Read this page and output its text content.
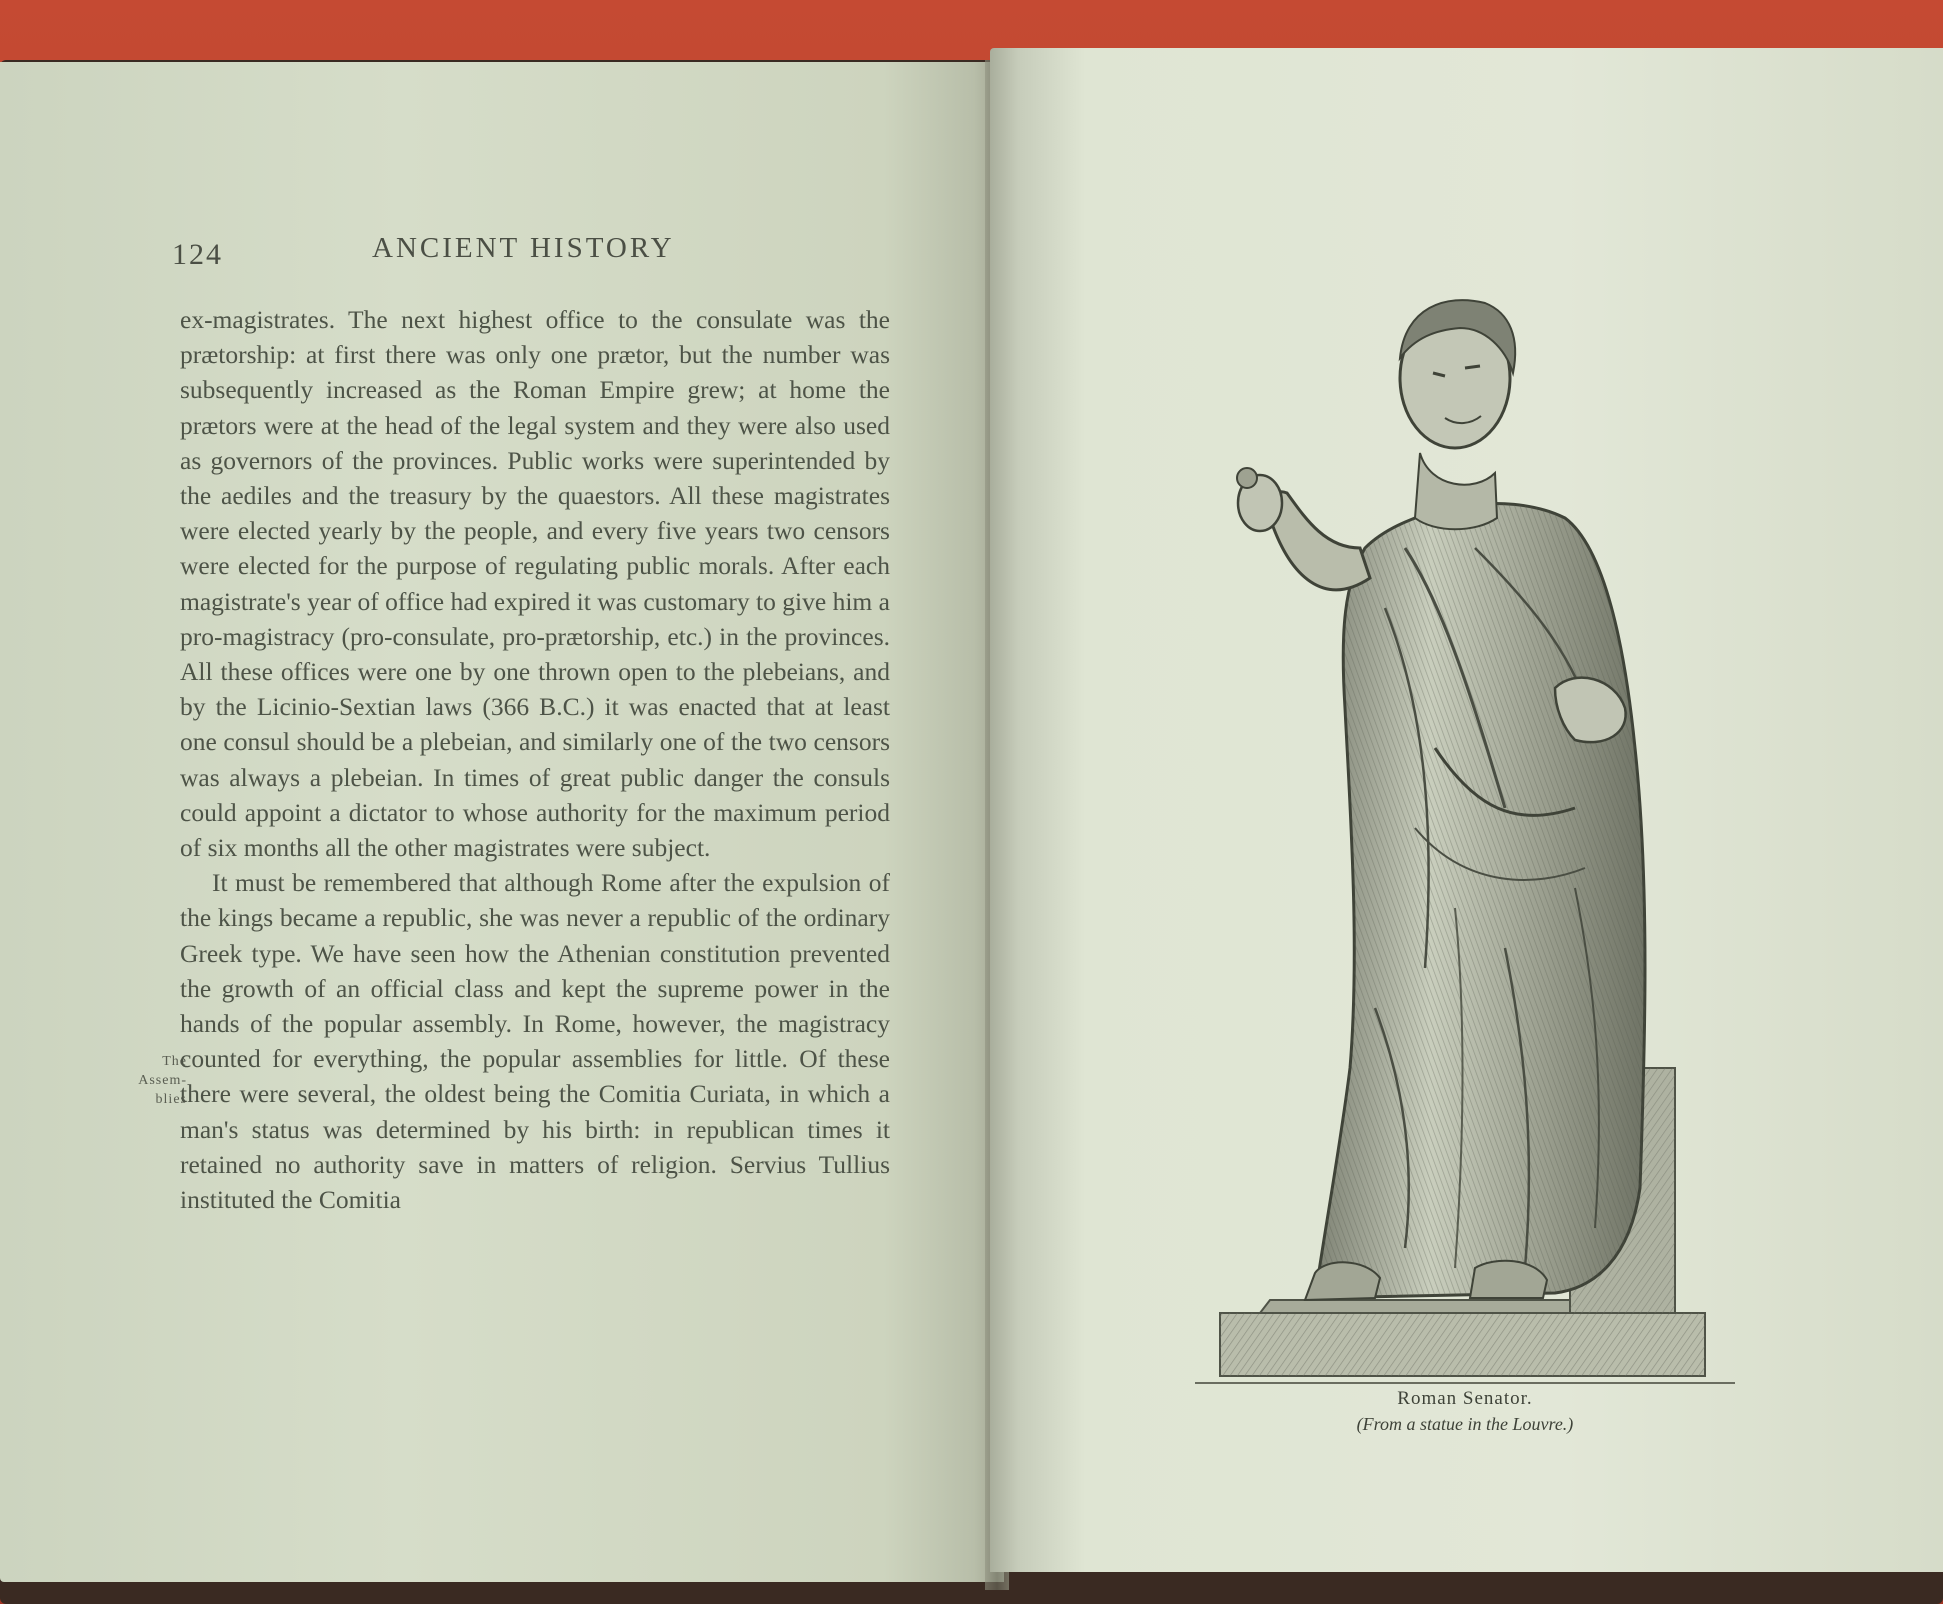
124	ANCIENT HISTORY
The
Assem-
blies

ex-magistrates. The next highest office to the consulate was the prætorship: at first there was only one prætor, but the number was subsequently increased as the Roman Empire grew; at home the prætors were at the head of the legal system and they were also used as governors of the provinces. Public works were superintended by the aediles and the treasury by the quaestors. All these magistrates were elected yearly by the people, and every five years two censors were elected for the purpose of regulating public morals. After each magistrate's year of office had expired it was customary to give him a pro-magistracy (pro-consulate, pro-prætorship, etc.) in the provinces. All these offices were one by one thrown open to the plebeians, and by the Licinio-Sextian laws (366 B.C.) it was enacted that at least one consul should be a plebeian, and similarly one of the two censors was always a plebeian. In times of great public danger the consuls could appoint a dictator to whose authority for the maximum period of six months all the other magistrates were subject.

It must be remembered that although Rome after the expulsion of the kings became a republic, she was never a republic of the ordinary Greek type. We have seen how the Athenian constitution prevented the growth of an official class and kept the supreme power in the hands of the popular assembly. In Rome, however, the magistracy counted for everything, the popular assemblies for little. Of these there were several, the oldest being the Comitia Curiata, in which a man's status was determined by his birth: in republican times it retained no authority save in matters of religion. Servius Tullius instituted the Comitia

Roman Senator.
(From a statue in the Louvre.)
